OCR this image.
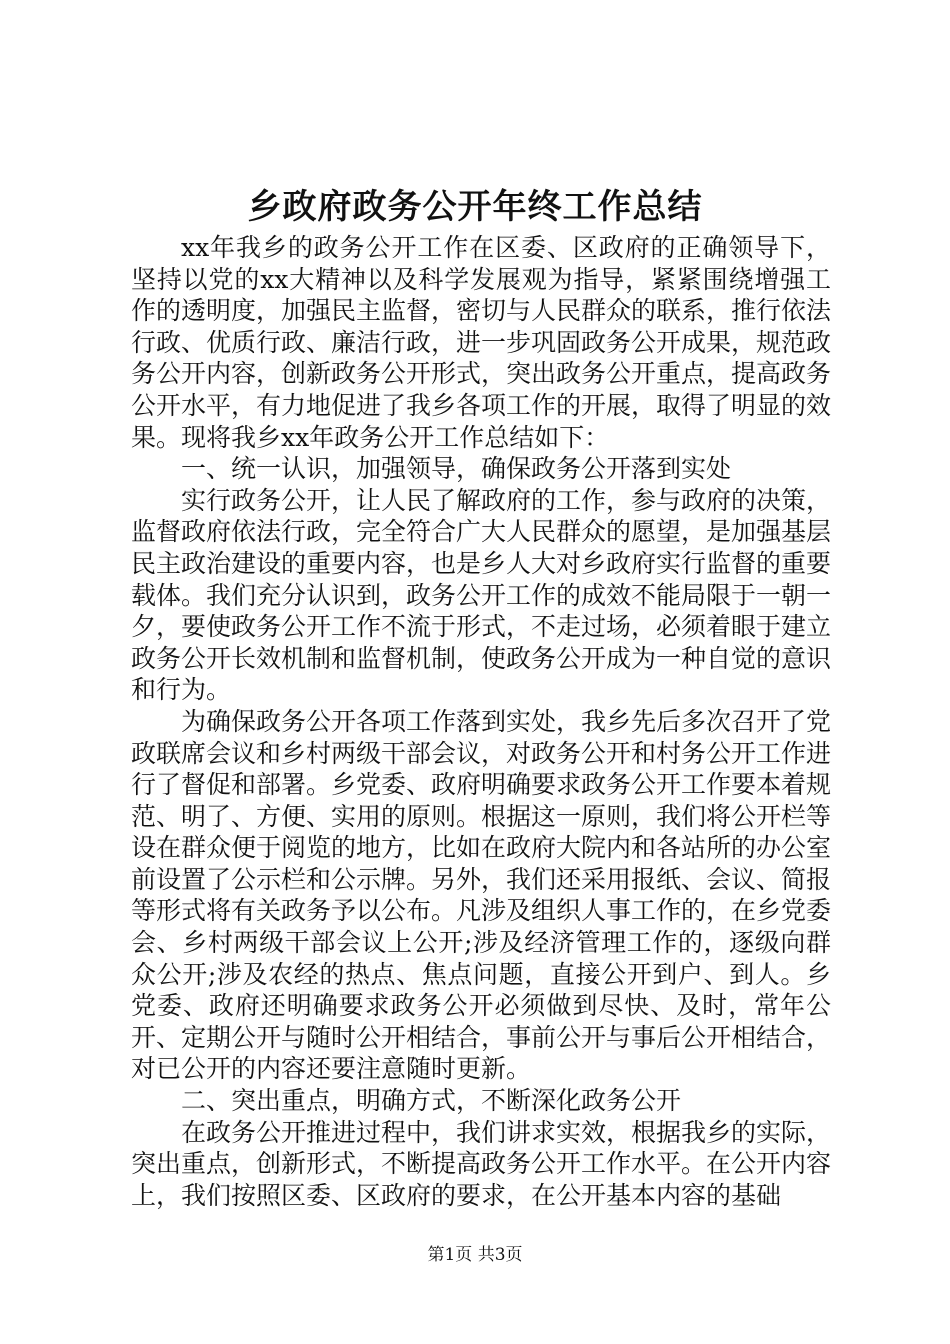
乡政府政务公开年终工作总结

xx年我乡的政务公开工作在区委、区政府的正确领导下，坚持以党的xx大精神以及科学发展观为指导，紧紧围绕增强工作的透明度，加强民主监督，密切与人民群众的联系，推行依法行政、优质行政、廉洁行政，进一步巩固政务公开成果，规范政务公开内容，创新政务公开形式，突出政务公开重点，提高政务公开水平，有力地促进了我乡各项工作的开展，取得了明显的效果。现将我乡xx年政务公开工作总结如下：

一、统一认识，加强领导，确保政务公开落到实处

实行政务公开，让人民了解政府的工作，参与政府的决策，监督政府依法行政，完全符合广大人民群众的愿望，是加强基层民主政治建设的重要内容，也是乡人大对乡政府实行监督的重要载体。我们充分认识到，政务公开工作的成效不能局限于一朝一夕，要使政务公开工作不流于形式，不走过场，必须着眼于建立政务公开长效机制和监督机制，使政务公开成为一种自觉的意识和行为。

为确保政务公开各项工作落到实处，我乡先后多次召开了党政联席会议和乡村两级干部会议，对政务公开和村务公开工作进行了督促和部署。乡党委、政府明确要求政务公开工作要本着规范、明了、方便、实用的原则。根据这一原则，我们将公开栏等设在群众便于阅览的地方，比如在政府大院内和各站所的办公室前设置了公示栏和公示牌。另外，我们还采用报纸、会议、简报等形式将有关政务予以公布。凡涉及组织人事工作的，在乡党委会、乡村两级干部会议上公开;涉及经济管理工作的，逐级向群众公开;涉及农经的热点、焦点问题，直接公开到户、到人。乡党委、政府还明确要求政务公开必须做到尽快、及时，常年公开、定期公开与随时公开相结合，事前公开与事后公开相结合，对已公开的内容还要注意随时更新。

二、突出重点，明确方式，不断深化政务公开

在政务公开推进过程中，我们讲求实效，根据我乡的实际，突出重点，创新形式，不断提高政务公开工作水平。在公开内容上，我们按照区委、区政府的要求，在公开基本内容的基础

第1页 共3页
